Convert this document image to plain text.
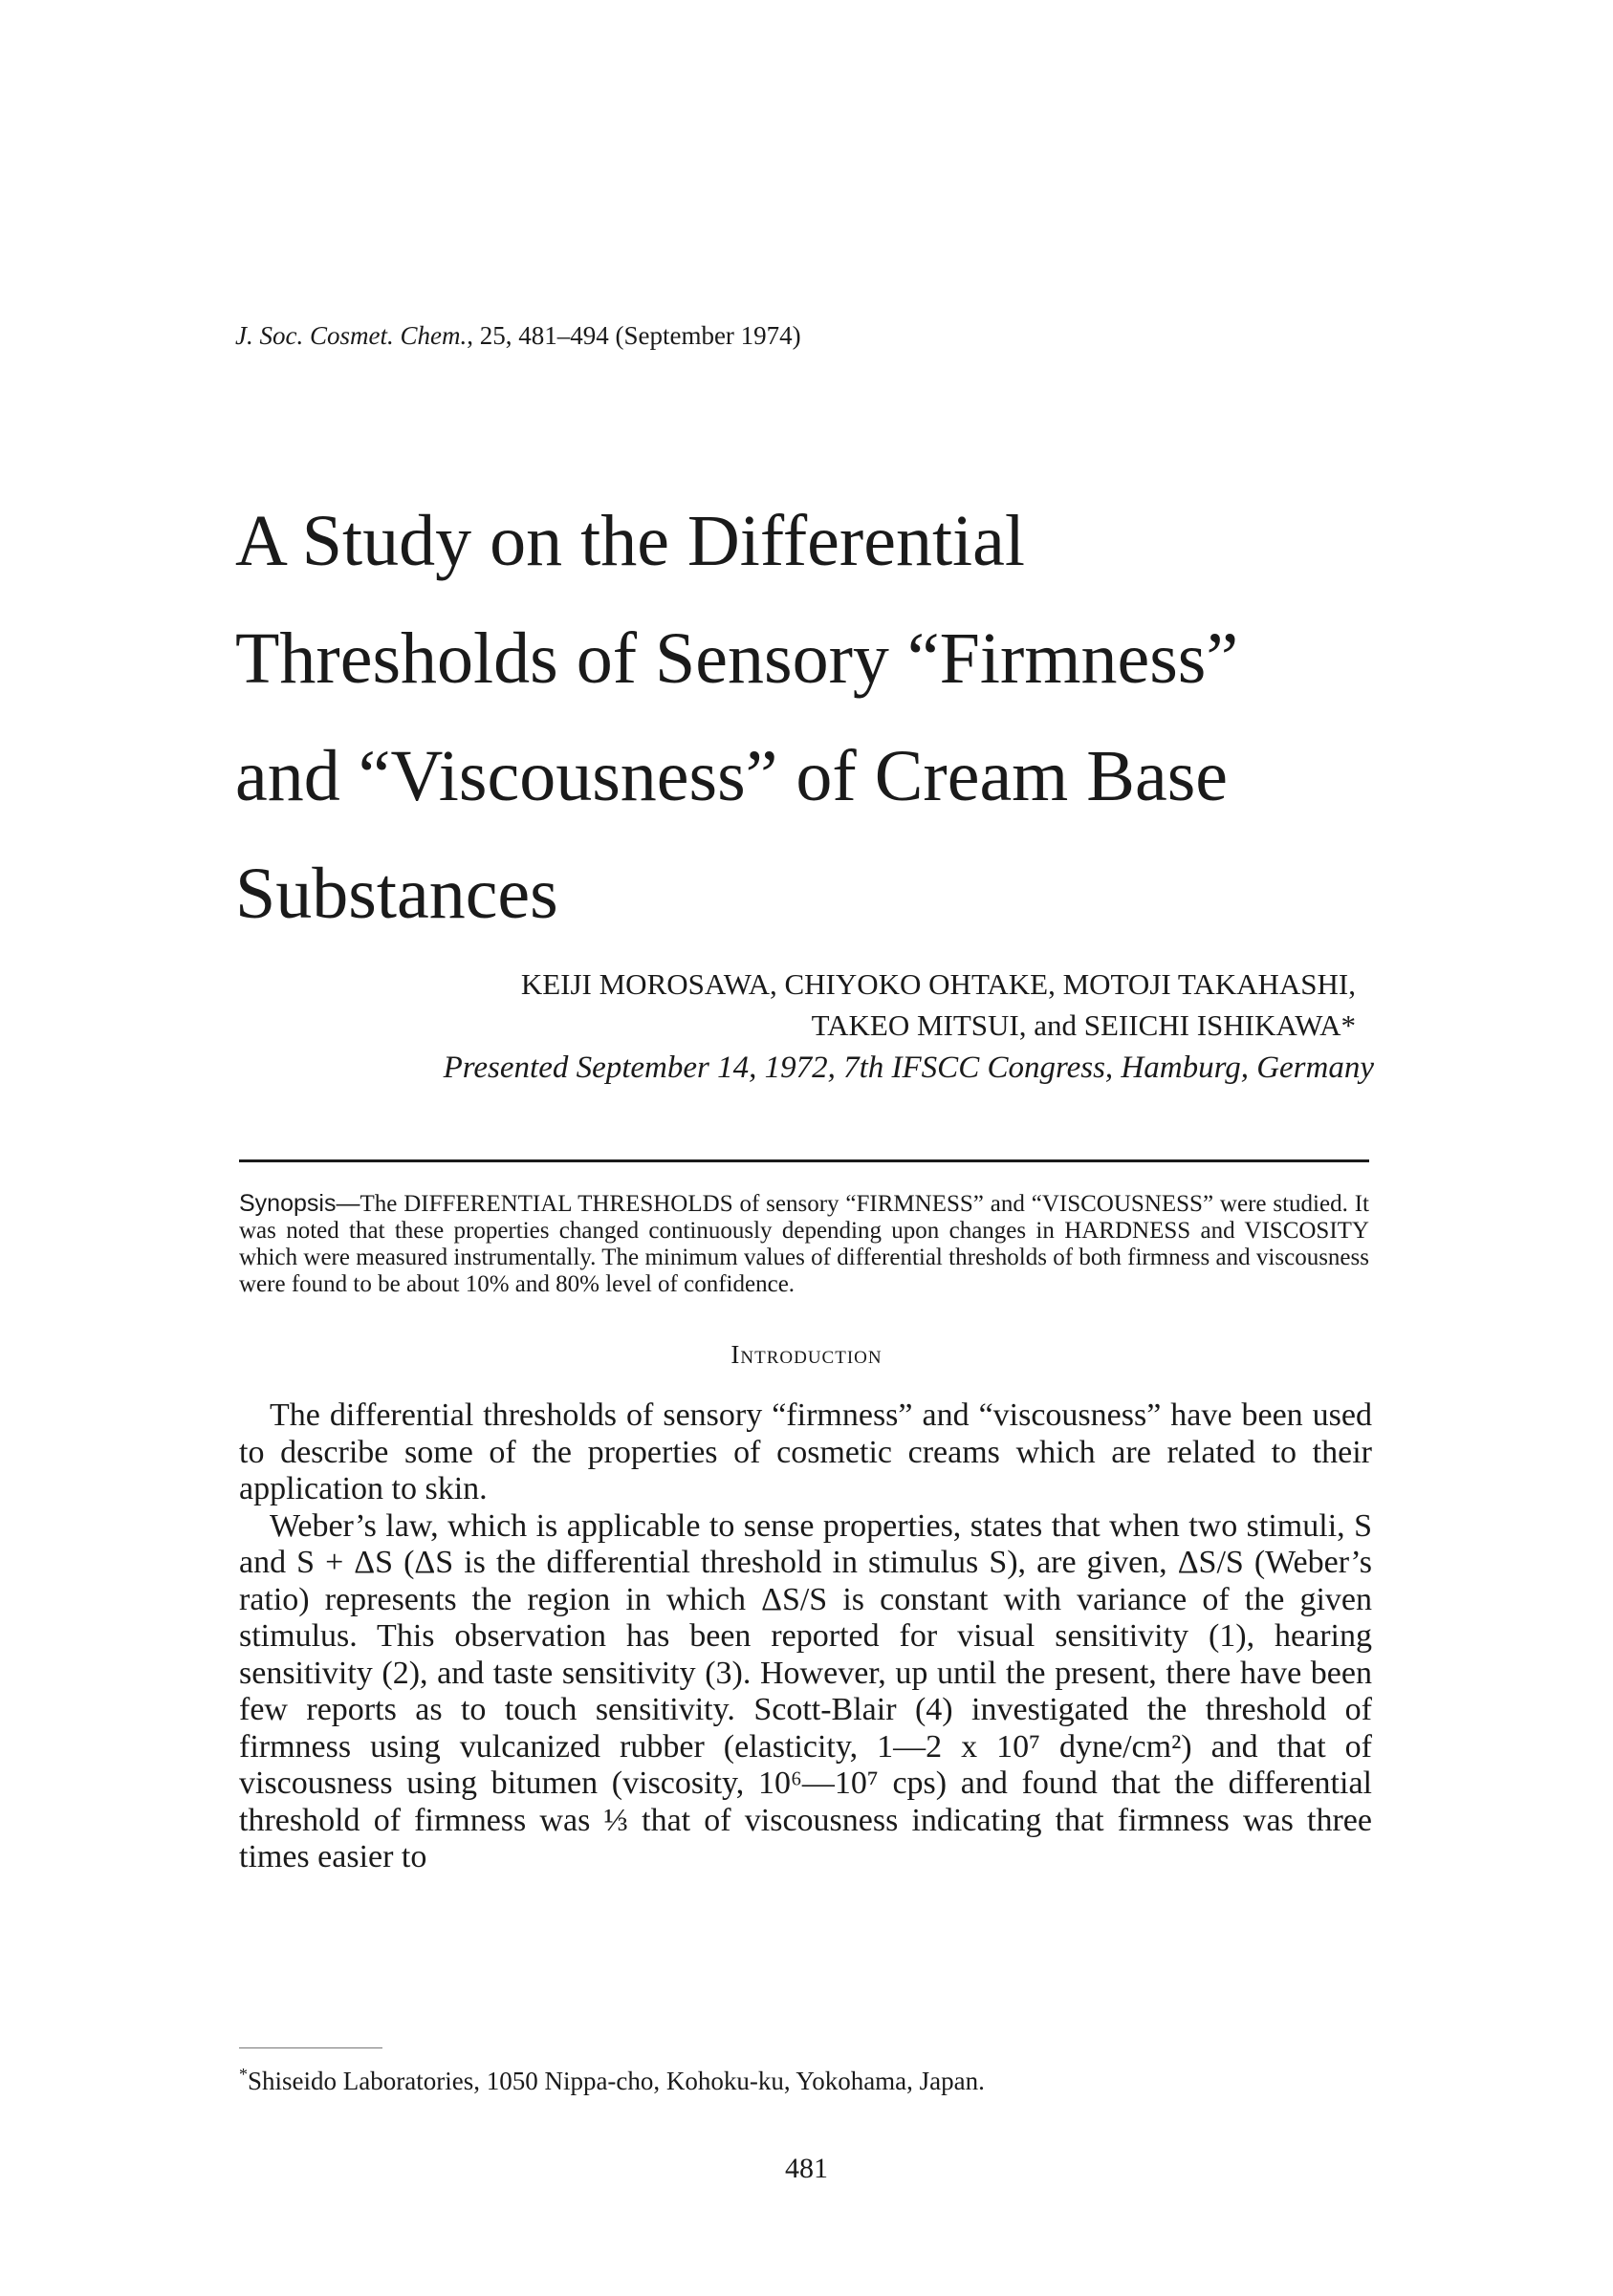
J. Soc. Cosmet. Chem., 25, 481–494 (September 1974)
A Study on the Differential
Thresholds of Sensory “Firmness”
and “Viscousness” of Cream Base
Substances
KEIJI MOROSAWA, CHIYOKO OHTAKE, MOTOJI TAKAHASHI,
TAKEO MITSUI, and SEIICHI ISHIKAWA*
Presented September 14, 1972, 7th IFSCC Congress, Hamburg, Germany
Synopsis—The DIFFERENTIAL THRESHOLDS of sensory “FIRMNESS” and “VISCOUSNESS” were studied. It was noted that these properties changed continuously depending upon changes in HARDNESS and VISCOSITY which were measured instrumentally. The minimum values of differential thresholds of both firmness and viscousness were found to be about 10% and 80% level of confidence.
Introduction

The differential thresholds of sensory “firmness” and “viscousness” have been used to describe some of the properties of cosmetic creams which are related to their application to skin.

Weber’s law, which is applicable to sense properties, states that when two stimuli, S and S + ΔS (ΔS is the differential threshold in stimulus S), are given, ΔS/S (Weber’s ratio) represents the region in which ΔS/S is constant with variance of the given stimulus. This observation has been reported for visual sensitivity (1), hearing sensitivity (2), and taste sensitivity (3). However, up until the present, there have been few reports as to touch sensitivity. Scott-Blair (4) investigated the threshold of firmness using vulcanized rubber (elasticity, 1—2 x 10⁷ dyne/cm²) and that of viscousness using bitumen (viscosity, 10⁶—10⁷ cps) and found that the differential threshold of firmness was ⅓ that of viscousness indicating that firmness was three times easier to

*Shiseido Laboratories, 1050 Nippa-cho, Kohoku-ku, Yokohama, Japan.
481
